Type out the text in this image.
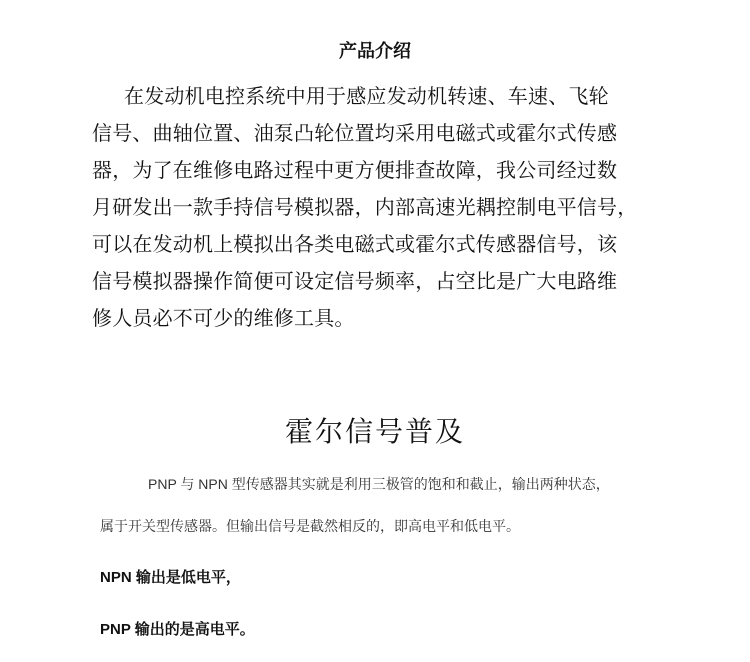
产品介绍
在发动机电控系统中用于感应发动机转速、车速、飞轮
信号、曲轴位置、油泵凸轮位置均采用电磁式或霍尔式传感
器，为了在维修电路过程中更方便排查故障，我公司经过数
月研发出一款手持信号模拟器，内部高速光耦控制电平信号，
可以在发动机上模拟出各类电磁式或霍尔式传感器信号，该
信号模拟器操作简便可设定信号频率，占空比是广大电路维
修人员必不可少的维修工具。
霍尔信号普及
PNP 与 NPN 型传感器其实就是利用三极管的饱和和截止，输出两种状态，
属于开关型传感器。但输出信号是截然相反的，即高电平和低电平。

NPN 输出是低电平，

PNP 输出的是高电平。
